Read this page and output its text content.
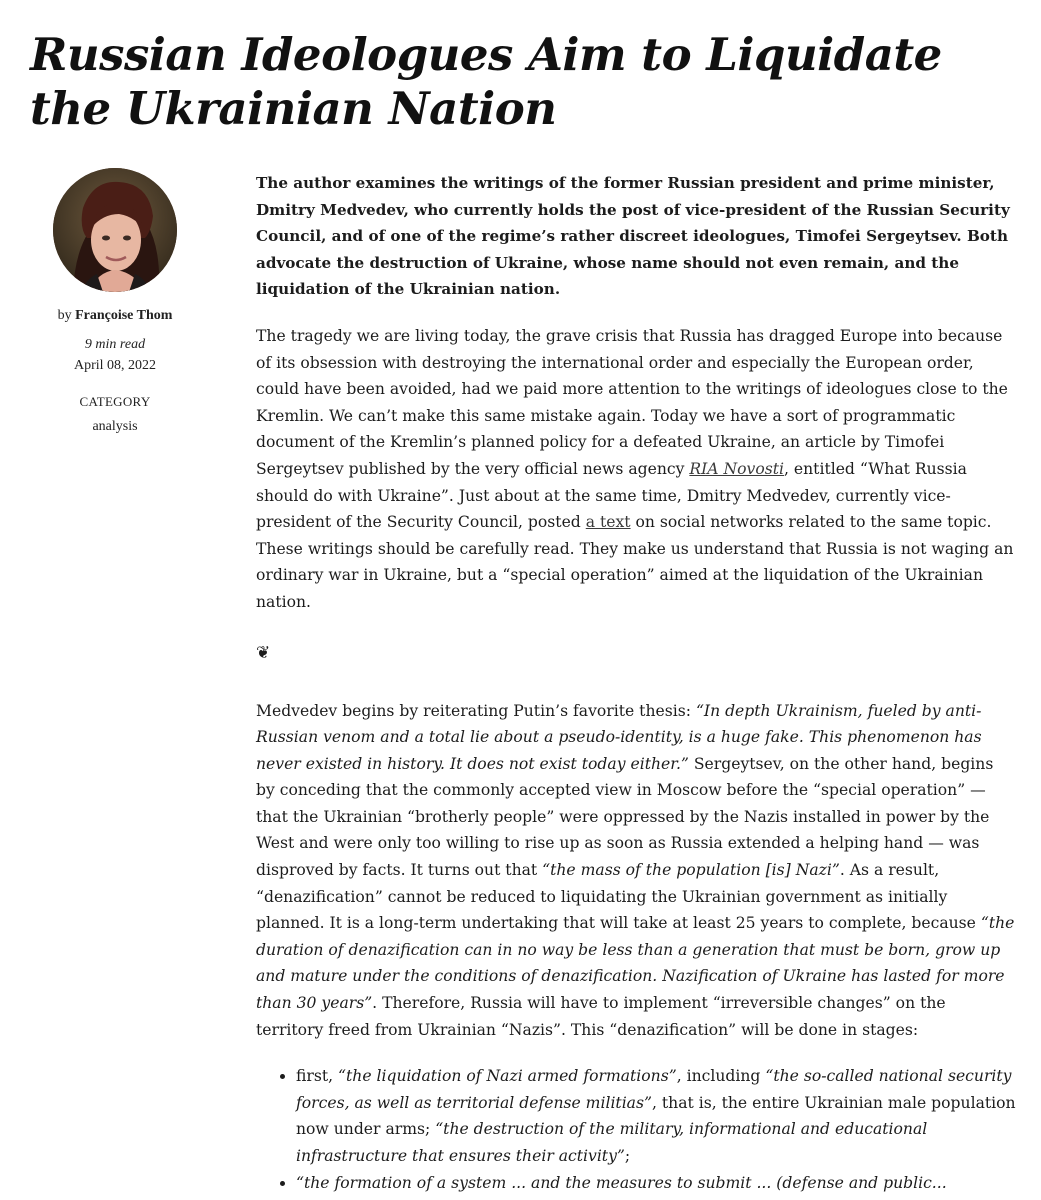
Russian Ideologues Aim to Liquidate the Ukrainian Nation
by Françoise Thom
9 min read
April 08, 2022
CATEGORY
analysis

The author examines the writings of the former Russian president and prime minister, Dmitry Medvedev, who currently holds the post of vice-president of the Russian Security Council, and of one of the regime’s rather discreet ideologues, Timofei Sergeytsev. Both advocate the destruction of Ukraine, whose name should not even remain, and the liquidation of the Ukrainian nation.

The tragedy we are living today, the grave crisis that Russia has dragged Europe into because of its obsession with destroying the international order and especially the European order, could have been avoided, had we paid more attention to the writings of ideologues close to the Kremlin. We can’t make this same mistake again. Today we have a sort of programmatic document of the Kremlin’s planned policy for a defeated Ukraine, an article by Timofei Sergeytsev published by the very official news agency RIA Novosti, entitled “What Russia should do with Ukraine”. Just about at the same time, Dmitry Medvedev, currently vice-president of the Security Council, posted a text on social networks related to the same topic. These writings should be carefully read. They make us understand that Russia is not waging an ordinary war in Ukraine, but a “special operation” aimed at the liquidation of the Ukrainian nation.

❦

Medvedev begins by reiterating Putin’s favorite thesis: “In depth Ukrainism, fueled by anti-Russian venom and a total lie about a pseudo-identity, is a huge fake. This phenomenon has never existed in history. It does not exist today either.” Sergeytsev, on the other hand, begins by conceding that the commonly accepted view in Moscow before the “special operation” — that the Ukrainian “brotherly people” were oppressed by the Nazis installed in power by the West and were only too willing to rise up as soon as Russia extended a helping hand — was disproved by facts. It turns out that “the mass of the population [is] Nazi”. As a result, “denazification” cannot be reduced to liquidating the Ukrainian government as initially planned. It is a long-term undertaking that will take at least 25 years to complete, because “the duration of denazification can in no way be less than a generation that must be born, grow up and mature under the conditions of denazification. Nazification of Ukraine has lasted for more than 30 years”. Therefore, Russia will have to implement “irreversible changes” on the territory freed from Ukrainian “Nazis”. This “denazification” will be done in stages:

• first, “the liquidation of Nazi armed formations”, including “the so-called national security forces, as well as territorial defense militias”, that is, the entire Ukrainian male population now under arms; “the destruction of the military, informational and educational infrastructure that ensures their activity”;
• “the formation of a system ... and the measures to submit ... (defense and public...
